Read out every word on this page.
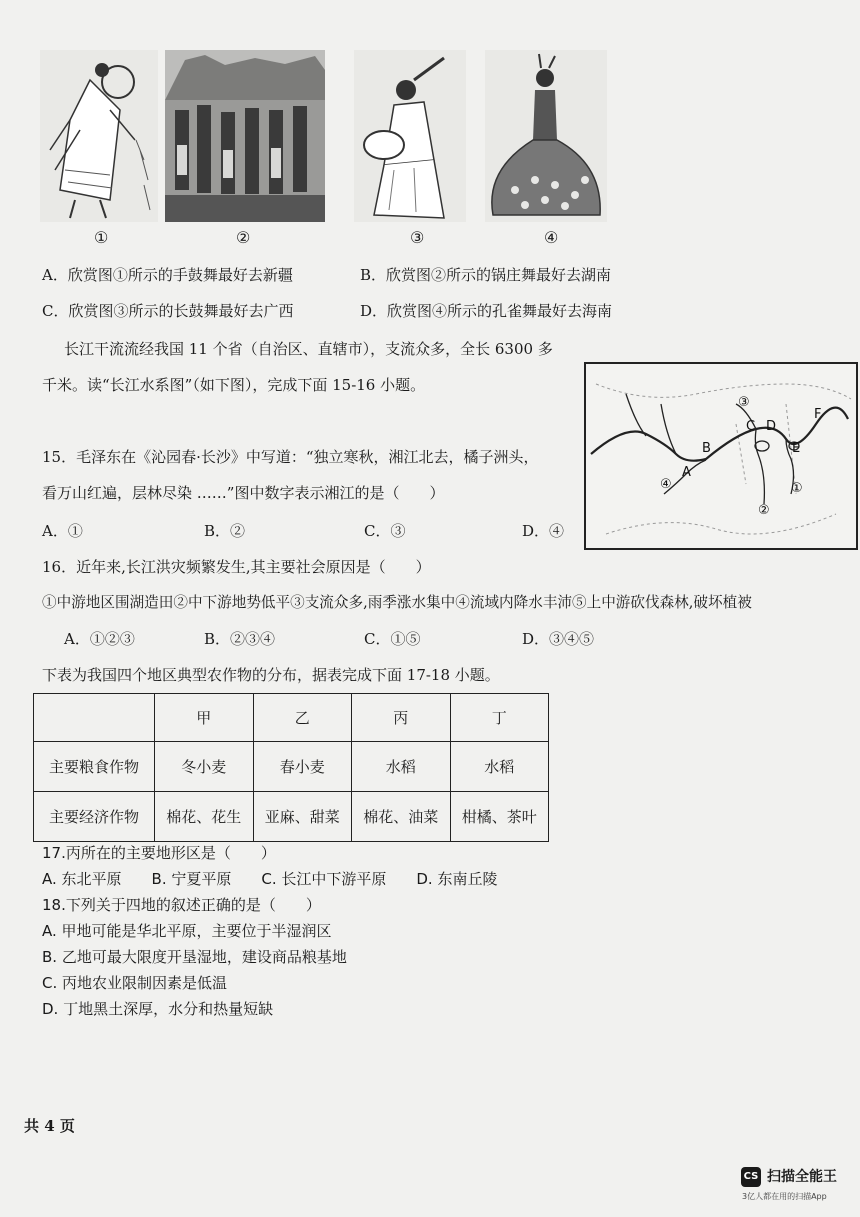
①	②	③	④
A．欣赏图①所示的手鼓舞最好去新疆	B．欣赏图②所示的锅庄舞最好去湖南
C．欣赏图③所示的长鼓舞最好去广西	D．欣赏图④所示的孔雀舞最好去海南
长江干流流经我国 11 个省（自治区、直辖市），支流众多，全长 6300 多
千米。读“长江水系图”（如下图），完成下面 15-16 小题。
A
B
C D
E
F
①
②
③
④
15．毛泽东在《沁园春·长沙》中写道：“独立寒秋，湘江北去，橘子洲头，
看万山红遍，层林尽染 ……”图中数字表示湘江的是（　　）
A．①	B．②	C．③	D．④
16．近年来,长江洪灾频繁发生,其主要社会原因是（　　）
①中游地区围湖造田②中下游地势低平③支流众多,雨季涨水集中④流域内降水丰沛⑤上中游砍伐森林,破坏植被
A．①②③	B．②③④	C．①⑤	D．③④⑤
下表为我国四个地区典型农作物的分布，据表完成下面 17-18 小题。
	甲	乙	丙	丁
主要粮食作物	冬小麦	春小麦	水稻	水稻
主要经济作物	棉花、花生	亚麻、甜菜	棉花、油菜	柑橘、茶叶
17.丙所在的主要地形区是（　　）
A. 东北平原　　B. 宁夏平原　　C. 长江中下游平原　　D. 东南丘陵
18.下列关于四地的叙述正确的是（　　）
A. 甲地可能是华北平原，主要位于半湿润区
B. 乙地可最大限度开垦湿地，建设商品粮基地
C. 丙地农业限制因素是低温
D. 丁地黑土深厚，水分和热量短缺
共 4 页
CS 扫描全能王
3亿人都在用的扫描App
